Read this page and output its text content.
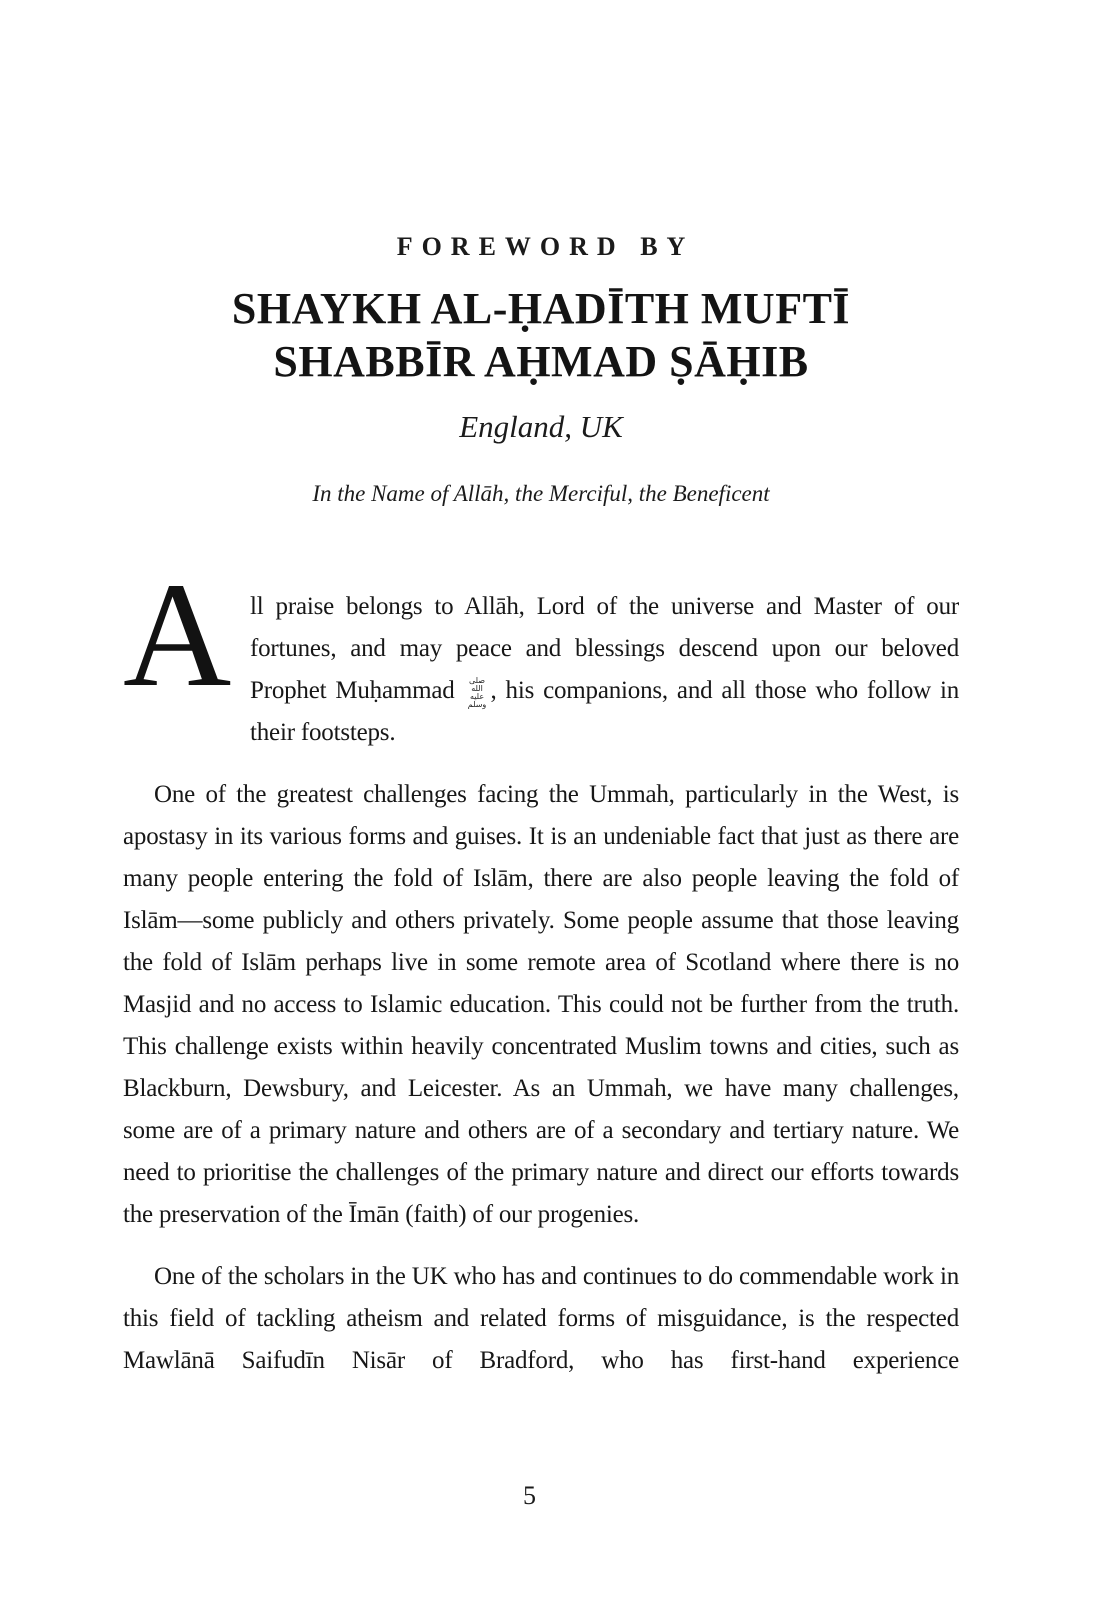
FOREWORD BY
SHAYKH AL-ḤADĪTH MUFTĪ
SHABBĪR AḤMAD ṢĀḤIB
England, UK
In the Name of Allāh, the Merciful, the Beneficent

A ll praise belongs to Allāh, Lord of the universe and Master of our fortunes, and may peace and blessings descend upon our beloved Prophet Muḥammad صلى الله عليه وسلم, his companions, and all those who follow in their footsteps.

One of the greatest challenges facing the Ummah, particularly in the West, is apostasy in its various forms and guises. It is an undeniable fact that just as there are many people entering the fold of Islām, there are also people leaving the fold of Islām—some publicly and others privately. Some people assume that those leaving the fold of Islām perhaps live in some remote area of Scotland where there is no Masjid and no access to Islamic education. This could not be further from the truth. This challenge exists within heavily concentrated Muslim towns and cities, such as Blackburn, Dewsbury, and Leicester. As an Ummah, we have many challenges, some are of a primary nature and others are of a secondary and tertiary nature. We need to prioritise the challenges of the primary nature and direct our efforts towards the preservation of the Īmān (faith) of our progenies.

One of the scholars in the UK who has and continues to do commendable work in this field of tackling atheism and related forms of misguidance, is the respected Mawlānā Saifudīn Nisār of Bradford, who has first-hand experience

5
